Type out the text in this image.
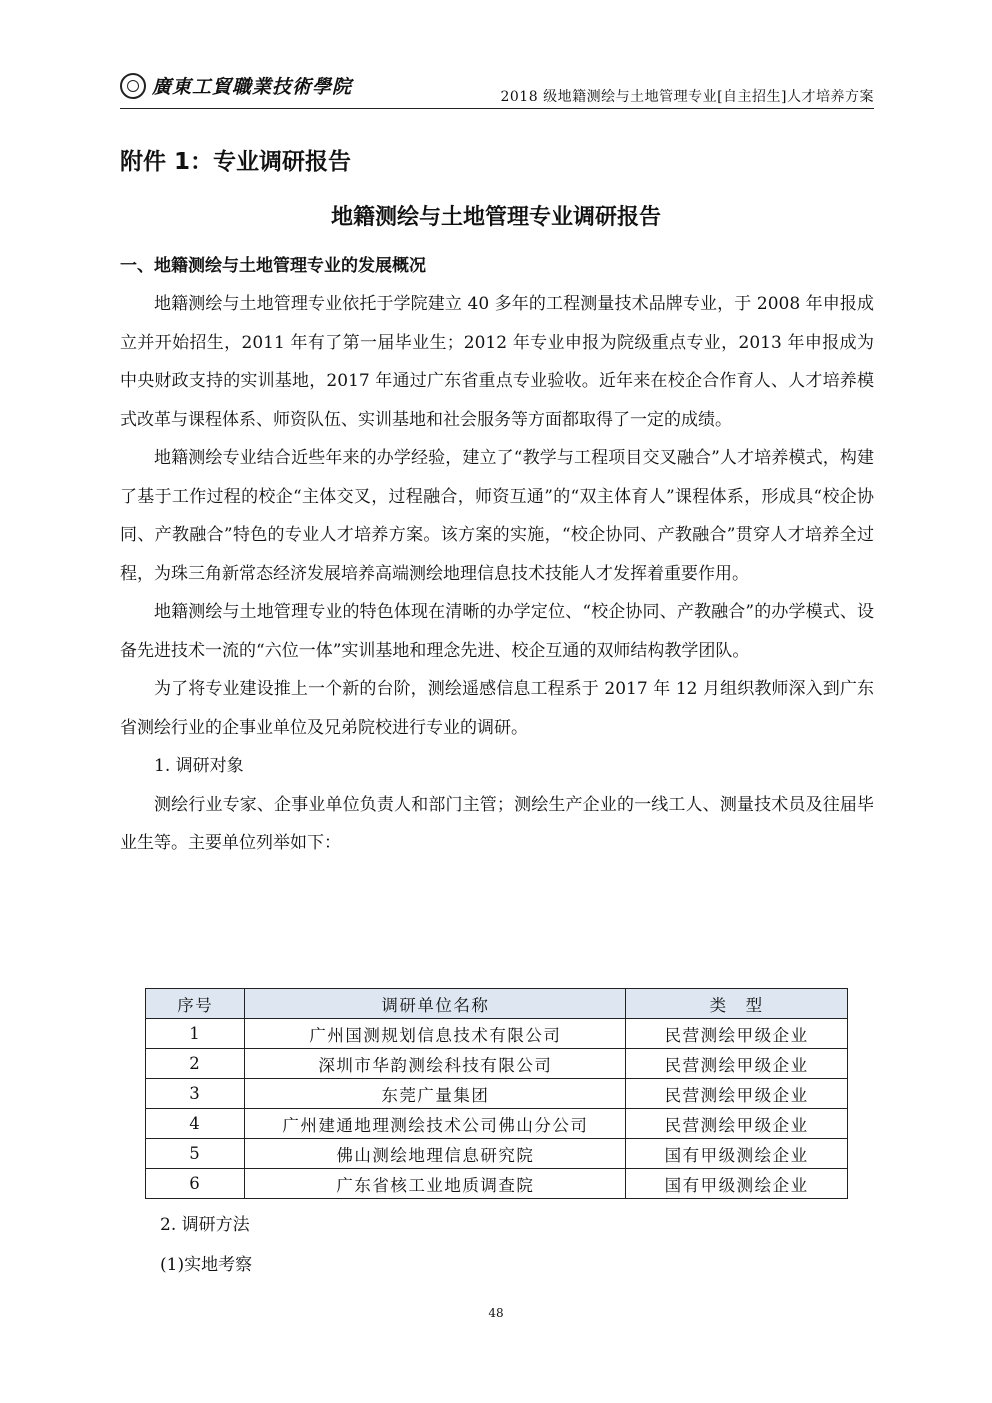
廣東工貿職業技術學院	2018 级地籍测绘与土地管理专业[自主招生]人才培养方案
附件 1：专业调研报告
地籍测绘与土地管理专业调研报告
一、地籍测绘与土地管理专业的发展概况

地籍测绘与土地管理专业依托于学院建立 40 多年的工程测量技术品牌专业，于 2008 年申报成立并开始招生，2011 年有了第一届毕业生；2012 年专业申报为院级重点专业，2013 年申报成为中央财政支持的实训基地，2017 年通过广东省重点专业验收。近年来在校企合作育人、人才培养模式改革与课程体系、师资队伍、实训基地和社会服务等方面都取得了一定的成绩。

地籍测绘专业结合近些年来的办学经验，建立了“教学与工程项目交叉融合”人才培养模式，构建了基于工作过程的校企“主体交叉，过程融合，师资互通”的“双主体育人”课程体系，形成具“校企协同、产教融合”特色的专业人才培养方案。该方案的实施，“校企协同、产教融合”贯穿人才培养全过程，为珠三角新常态经济发展培养高端测绘地理信息技术技能人才发挥着重要作用。

地籍测绘与土地管理专业的特色体现在清晰的办学定位、“校企协同、产教融合”的办学模式、设备先进技术一流的“六位一体”实训基地和理念先进、校企互通的双师结构教学团队。

为了将专业建设推上一个新的台阶，测绘遥感信息工程系于 2017 年 12 月组织教师深入到广东省测绘行业的企事业单位及兄弟院校进行专业的调研。

1. 调研对象

测绘行业专家、企事业单位负责人和部门主管；测绘生产企业的一线工人、测量技术员及往届毕业生等。主要单位列举如下：

序号	调研单位名称	类　型
1	广州国测规划信息技术有限公司	民营测绘甲级企业
2	深圳市华韵测绘科技有限公司	民营测绘甲级企业
3	东莞广量集团	民营测绘甲级企业
4	广州建通地理测绘技术公司佛山分公司	民营测绘甲级企业
5	佛山测绘地理信息研究院	国有甲级测绘企业
6	广东省核工业地质调查院	国有甲级测绘企业
2. 调研方法
(1)实地考察
48
